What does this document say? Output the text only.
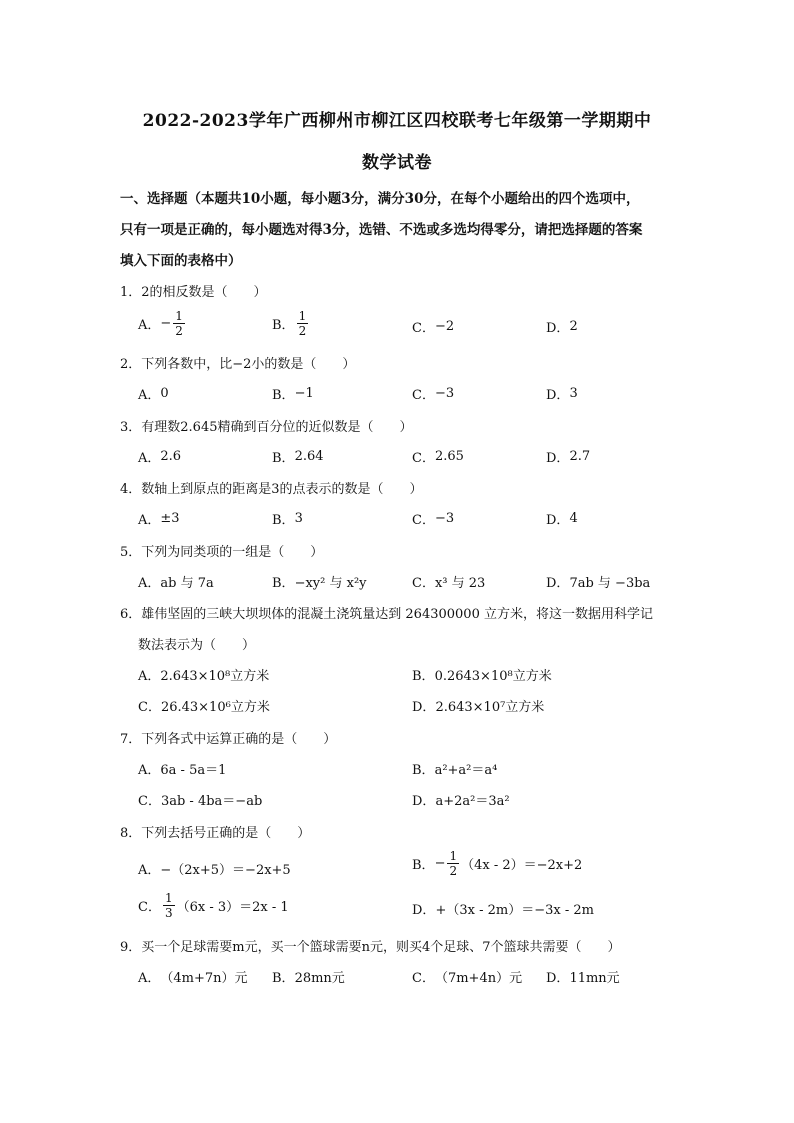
2022-2023学年广西柳州市柳江区四校联考七年级第一学期期中
数学试卷
一、选择题（本题共10小题，每小题3分，满分30分，在每个小题给出的四个选项中，
只有一项是正确的，每小题选对得3分，选错、不选或多选均得零分，请把选择题的答案
填入下面的表格中）
1．2的相反数是（　　）
A． − $\frac{1}{2}$	B． $\frac{1}{2}$	C． −2	D． 2
2．下列各数中，比−2小的数是（　　）
A． 0	B． −1	C． −3	D． 3
3．有理数2.645精确到百分位的近似数是（　　）
A． 2.6	B． 2.64	C． 2.65	D． 2.7
4．数轴上到原点的距离是3的点表示的数是（　　）
A． ±3	B． 3	C． −3	D． 4
5．下列为同类项的一组是（　　）
A． ab 与 7a	B． −xy² 与 x²y	C． x³ 与 23	D． 7ab 与 −3ba
6．雄伟坚固的三峡大坝坝体的混凝土浇筑量达到 264300000 立方米，将这一数据用科学记
数法表示为（　　）
A． 2.643×10⁸立方米	B． 0.2643×10⁸立方米
C． 26.43×10⁶立方米	D． 2.643×10⁷立方米
7．下列各式中运算正确的是（　　）
A． 6a - 5a＝1	B． a²+a²＝a⁴
C． 3ab - 4ba＝−ab	D． a+2a²＝3a²
8．下列去括号正确的是（　　）
A． −（2x+5）＝−2x+5	B． − $\frac{1}{2} (4x - 2)=-2x+2$
C． $\frac{1}{3} (6x - 3)=2x - 1$	D． +（3x - 2m）＝−3x - 2m
9．买一个足球需要m元，买一个篮球需要n元，则买4个足球、7个篮球共需要（　　）
A． （4m+7n）元 B． 28mn元	C． （7m+4n）元 D． 11mn元
